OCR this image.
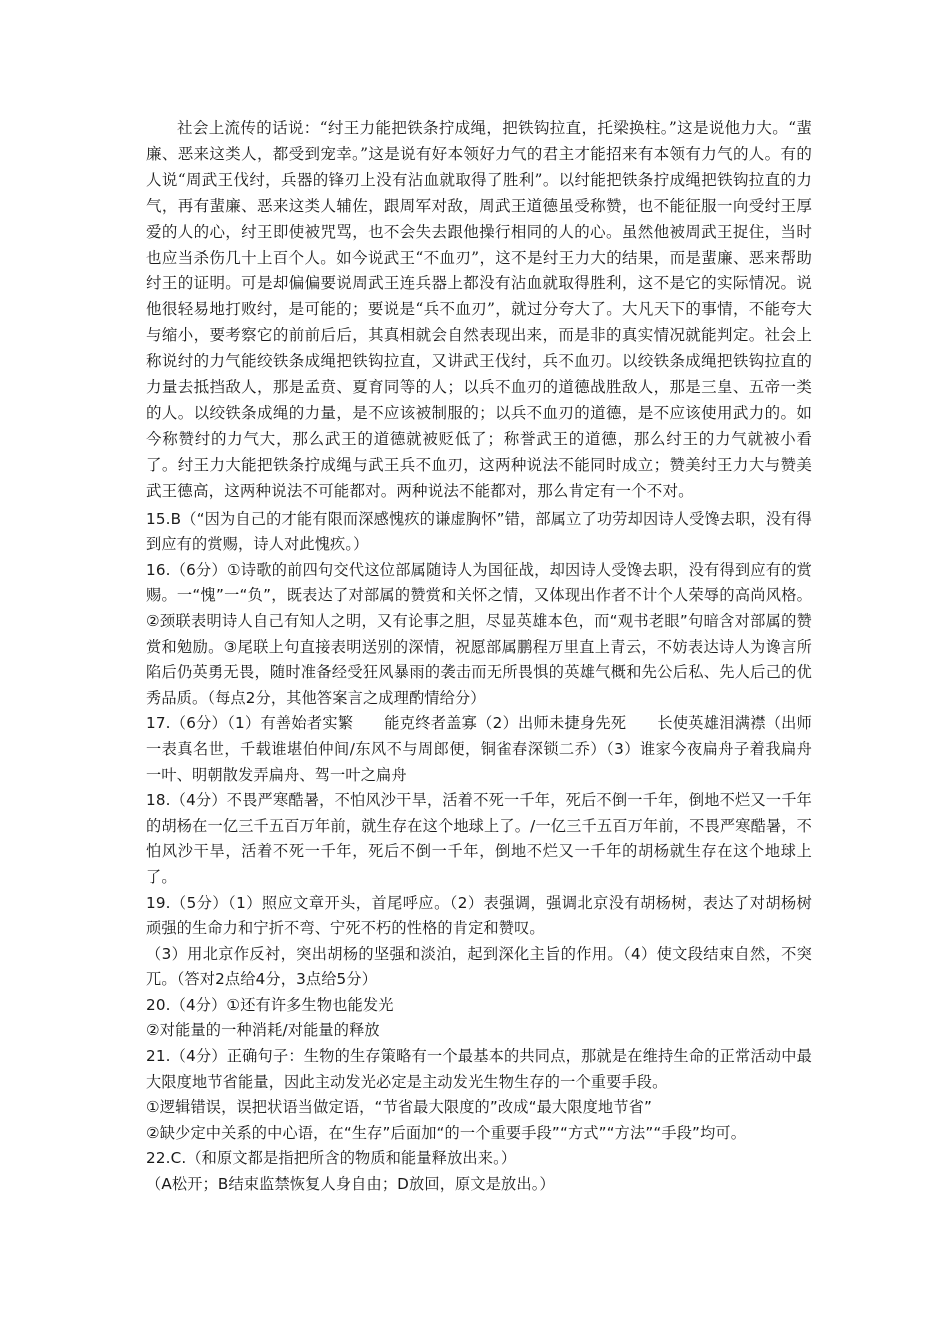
社会上流传的话说：“纣王力能把铁条拧成绳，把铁钩拉直，托梁换柱。”这是说他力大。“蜚廉、恶来这类人，都受到宠幸。”这是说有好本领好力气的君主才能招来有本领有力气的人。有的人说“周武王伐纣，兵器的锋刃上没有沾血就取得了胜利”。以纣能把铁条拧成绳把铁钩拉直的力气，再有蜚廉、恶来这类人辅佐，跟周军对敌，周武王道德虽受称赞，也不能征服一向受纣王厚爱的人的心，纣王即使被咒骂，也不会失去跟他操行相同的人的心。虽然他被周武王捉住，当时也应当杀伤几十上百个人。如今说武王“不血刃”，这不是纣王力大的结果，而是蜚廉、恶来帮助纣王的证明。可是却偏偏要说周武王连兵器上都没有沾血就取得胜利，这不是它的实际情况。说他很轻易地打败纣，是可能的；要说是“兵不血刃”，就过分夸大了。大凡天下的事情，不能夸大与缩小，要考察它的前前后后，其真相就会自然表现出来，而是非的真实情况就能判定。社会上称说纣的力气能绞铁条成绳把铁钩拉直，又讲武王伐纣，兵不血刃。以绞铁条成绳把铁钩拉直的力量去抵挡敌人，那是孟贲、夏育同等的人；以兵不血刃的道德战胜敌人，那是三皇、五帝一类的人。以绞铁条成绳的力量，是不应该被制服的；以兵不血刃的道德，是不应该使用武力的。如今称赞纣的力气大，那么武王的道德就被贬低了；称誉武王的道德，那么纣王的力气就被小看了。纣王力大能把铁条拧成绳与武王兵不血刃，这两种说法不能同时成立；赞美纣王力大与赞美武王德高，这两种说法不可能都对。两种说法不能都对，那么肯定有一个不对。

15.B（“因为自己的才能有限而深感愧疚的谦虚胸怀”错，部属立了功劳却因诗人受馋去职，没有得到应有的赏赐，诗人对此愧疚。）

16.（6分）①诗歌的前四句交代这位部属随诗人为国征战，却因诗人受馋去职，没有得到应有的赏赐。一“愧”一“负”，既表达了对部属的赞赏和关怀之情，又体现出作者不计个人荣辱的高尚风格。②颈联表明诗人自己有知人之明，又有论事之胆，尽显英雄本色，而“观书老眼”句暗含对部属的赞赏和勉励。③尾联上句直接表明送别的深情，祝愿部属鹏程万里直上青云，不妨表达诗人为谗言所陷后仍英勇无畏，随时准备经受狂风暴雨的袭击而无所畏惧的英雄气概和先公后私、先人后己的优秀品质。（每点2分，其他答案言之成理酌情给分）

17.（6分）（1）有善始者实繁　　能克终者盖寡（2）出师未捷身先死　　长使英雄泪满襟（出师一表真名世，千载谁堪伯仲间/东风不与周郎便，铜雀春深锁二乔）（3）谁家今夜扁舟子着我扁舟一叶、明朝散发弄扁舟、驾一叶之扁舟

18.（4分）不畏严寒酷暑，不怕风沙干旱，活着不死一千年，死后不倒一千年，倒地不烂又一千年的胡杨在一亿三千五百万年前，就生存在这个地球上了。/一亿三千五百万年前，不畏严寒酷暑，不怕风沙干旱，活着不死一千年，死后不倒一千年，倒地不烂又一千年的胡杨就生存在这个地球上了。

19.（5分）（1）照应文章开头，首尾呼应。（2）表强调，强调北京没有胡杨树，表达了对胡杨树顽强的生命力和宁折不弯、宁死不朽的性格的肯定和赞叹。

（3）用北京作反衬，突出胡杨的坚强和淡泊，起到深化主旨的作用。（4）使文段结束自然，不突兀。（答对2点给4分，3点给5分）

20.（4分）①还有许多生物也能发光

②对能量的一种消耗/对能量的释放

21.（4分）正确句子：生物的生存策略有一个最基本的共同点，那就是在维持生命的正常活动中最大限度地节省能量，因此主动发光必定是主动发光生物生存的一个重要手段。

①逻辑错误，误把状语当做定语，“节省最大限度的”改成“最大限度地节省”

②缺少定中关系的中心语，在“生存”后面加“的一个重要手段”“方式”“方法”“手段”均可。

22.C.（和原文都是指把所含的物质和能量释放出来。）

（A松开；B结束监禁恢复人身自由；D放回，原文是放出。）
